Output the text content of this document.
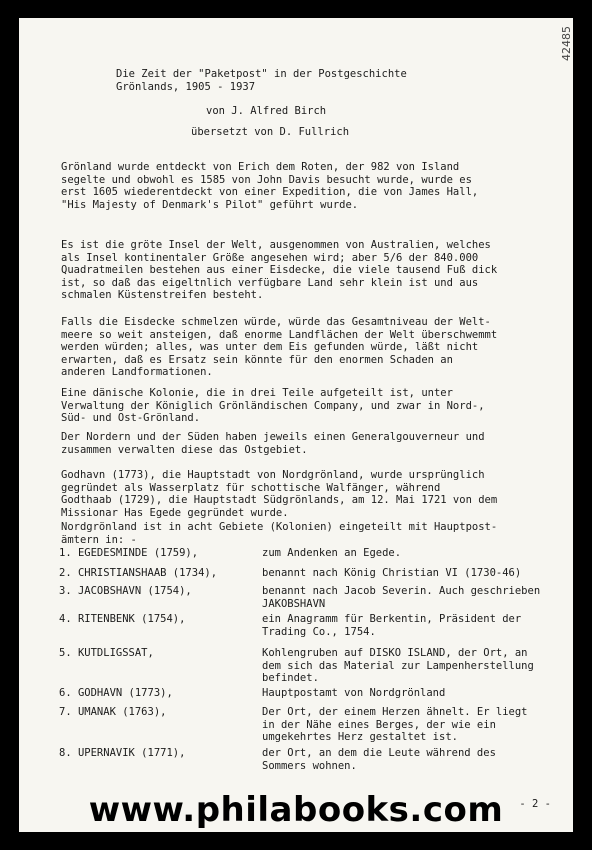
42485
Die Zeit der "Paketpost" in der Postgeschichte
Grönlands, 1905 - 1937
von J. Alfred Birch
übersetzt von D. Fullrich
Grönland wurde entdeckt von Erich dem Roten, der 982 von Island
segelte und obwohl es 1585 von John Davis besucht wurde, wurde es
erst 1605 wiederentdeckt von einer Expedition, die von James Hall,
"His Majesty of Denmark's Pilot" geführt wurde.
Es ist die gröte Insel der Welt, ausgenommen von Australien, welches
als Insel kontinentaler Größe angesehen wird; aber 5/6 der 840.000
Quadratmeilen bestehen aus einer Eisdecke, die viele tausend Fuß dick
ist, so daß das eigeltnlich verfügbare Land sehr klein ist und aus
schmalen Küstenstreifen besteht.
Falls die Eisdecke schmelzen würde, würde das Gesamtniveau der Welt-
meere so weit ansteigen, daß enorme Landflächen der Welt überschwemmt
werden würden; alles, was unter dem Eis gefunden würde, läßt nicht
erwarten, daß es Ersatz sein könnte für den enormen Schaden an
anderen Landformationen.
Eine dänische Kolonie, die in drei Teile aufgeteilt ist, unter
Verwaltung der Königlich Grönländischen Company, und zwar in Nord-,
Süd- und Ost-Grönland.
Der Nordern und der Süden haben jeweils einen Generalgouverneur und
zusammen verwalten diese das Ostgebiet.
Godhavn (1773), die Hauptstadt von Nordgrönland, wurde ursprünglich
gegründet als Wasserplatz für schottische Walfänger, während
Godthaab (1729), die Hauptstadt Südgrönlands, am 12. Mai 1721 von dem
Missionar Has Egede gegründet wurde.
Nordgrönland ist in acht Gebiete (Kolonien) eingeteilt mit Hauptpost-
ämtern in: -
1. EGEDESMINDE (1759),	zum Andenken an Egede.
2. CHRISTIANSHAAB (1734),	benannt nach König Christian VI (1730-46)
3. JACOBSHAVN (1754),	benannt nach Jacob Severin. Auch geschrieben
JAKOBSHAVN
4. RITENBENK (1754),	ein Anagramm für Berkentin, Präsident der
Trading Co., 1754.
5. KUTDLIGSSAT,	Kohlengruben auf DISKO ISLAND, der Ort, an
dem sich das Material zur Lampenherstellung
befindet.
6. GODHAVN (1773),	Hauptpostamt von Nordgrönland
7. UMANAK (1763),	Der Ort, der einem Herzen ähnelt. Er liegt
in der Nähe eines Berges, der wie ein
umgekehrtes Herz gestaltet ist.
8. UPERNAVIK (1771),	der Ort, an dem die Leute während des
Sommers wohnen.
- 2 -
www.philabooks.com
